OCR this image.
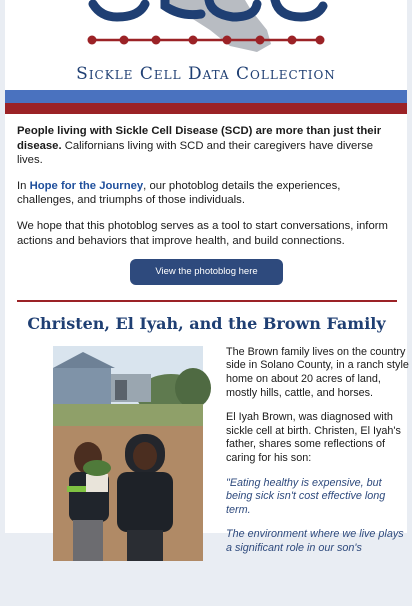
Sickle Cell Data Collection

People living with Sickle Cell Disease (SCD) are more than just their disease. Californians living with SCD and their caregivers have diverse lives.

In Hope for the Journey, our photoblog details the experiences, challenges, and triumphs of those individuals.

We hope that this photoblog serves as a tool to start conversations, inform actions and behaviors that improve health, and build connections.

View the photoblog here
Christen, El Iyah, and the Brown Family

The Brown family lives on the country side in Solano County, in a ranch style home on about 20 acres of land, mostly hills, cattle, and horses.

El Iyah Brown, was diagnosed with sickle cell at birth. Christen, El Iyah's father, shares some reflections of caring for his son:

"Eating healthy is expensive, but being sick isn't cost effective long term.

The environment where we live plays a significant role in our son's
